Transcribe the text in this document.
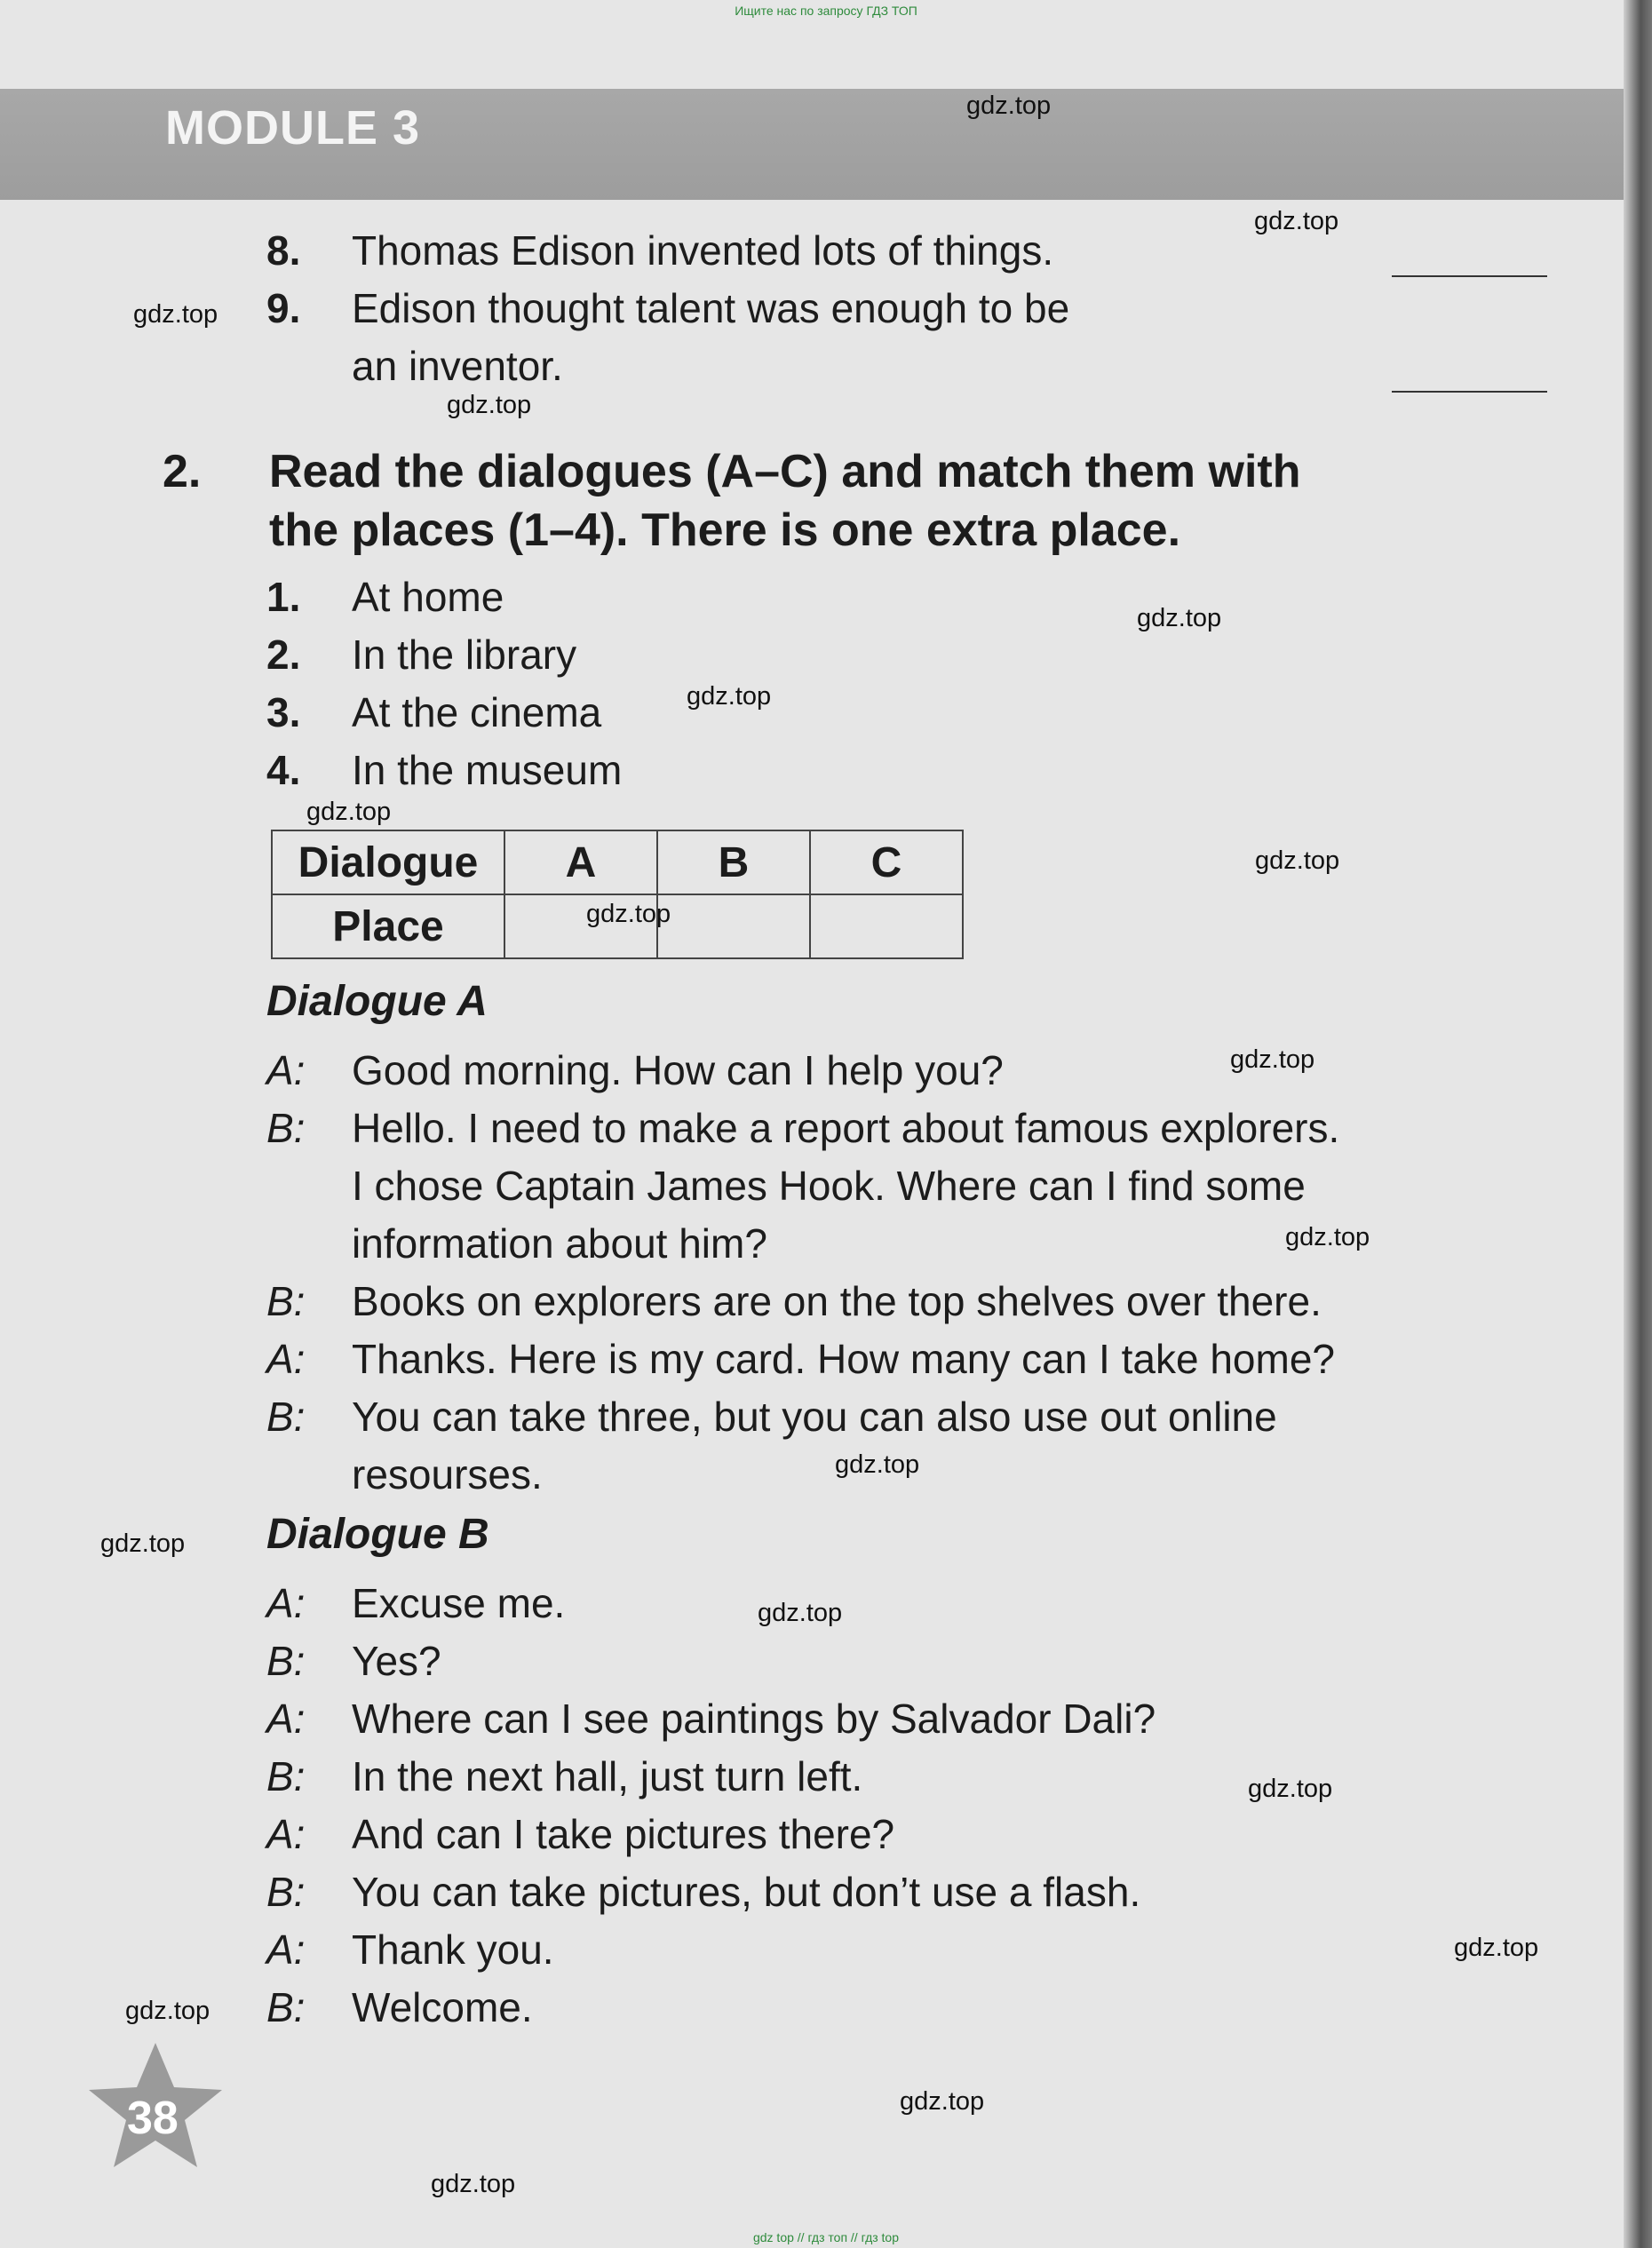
Ищите нас по запросу ГДЗ ТОП
MODULE 3
8. Thomas Edison invented lots of things.
9. Edison thought talent was enough to be
an inventor.
2. Read the dialogues (A–C) and match them with
the places (1–4). There is one extra place.
1. At home
2. In the library
3. At the cinema
4. In the museum
Dialogue	A	B	C
Place			
Dialogue A
A: Good morning. How can I help you?
B: Hello. I need to make a report about famous explorers.
I chose Captain James Hook. Where can I find some
information about him?
B: Books on explorers are on the top shelves over there.
A: Thanks. Here is my card. How many can I take home?
B: You can take three, but you can also use out online
resourses.
Dialogue B
A: Excuse me.
B: Yes?
A: Where can I see paintings by Salvador Dali?
B: In the next hall, just turn left.
A: And can I take pictures there?
B: You can take pictures, but don’t use a flash.
A: Thank you.
B: Welcome.
gdz.top
gdz.top
gdz.top
gdz.top
gdz.top
gdz.top
gdz.top
gdz.top
gdz.top
gdz.top
gdz.top
gdz.top
gdz.top
gdz.top
gdz.top
gdz.top
gdz.top
gdz.top
gdz.top
38
gdz top // гдз топ // гдз top
